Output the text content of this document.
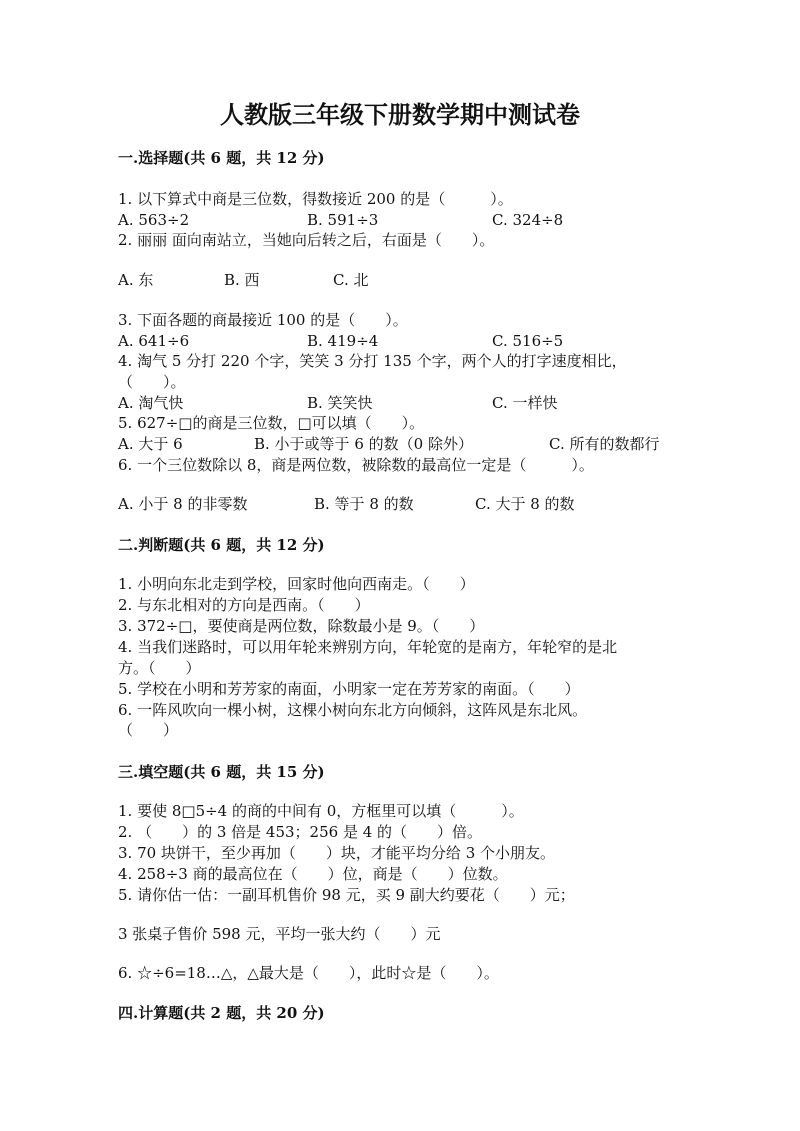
人教版三年级下册数学期中测试卷
一.选择题(共 6 题，共 12 分)
1. 以下算式中商是三位数，得数接近 200 的是（　　　）。
A. 563÷2	B. 591÷3	C. 324÷8
2. 丽丽 面向南站立，当她向后转之后，右面是（　　）。
A. 东	B. 西	C. 北
3. 下面各题的商最接近 100 的是（　　）。
A. 641÷6	B. 419÷4	C. 516÷5
4. 淘气 5 分打 220 个字，笑笑 3 分打 135 个字，两个人的打字速度相比，
（　　）。
A. 淘气快	B. 笑笑快	C. 一样快
5. 627÷□的商是三位数，□可以填（　　）。
A. 大于 6	B. 小于或等于 6 的数（0 除外）	C. 所有的数都行
6. 一个三位数除以 8，商是两位数，被除数的最高位一定是（　　　）。
A. 小于 8 的非零数	B. 等于 8 的数	C. 大于 8 的数
二.判断题(共 6 题，共 12 分)
1. 小明向东北走到学校，回家时他向西南走。（　　）
2. 与东北相对的方向是西南。（　　）
3. 372÷□，要使商是两位数，除数最小是 9。（　　）
4. 当我们迷路时，可以用年轮来辨别方向，年轮宽的是南方，年轮窄的是北
方。（　　）
5. 学校在小明和芳芳家的南面，小明家一定在芳芳家的南面。（　　）
6. 一阵风吹向一棵小树，这棵小树向东北方向倾斜，这阵风是东北风。
（　　）
三.填空题(共 6 题，共 15 分)
1. 要使 8□5÷4 的商的中间有 0，方框里可以填（　　　）。
2. （　　）的 3 倍是 453；256 是 4 的（　　）倍。
3. 70 块饼干，至少再加（　　）块，才能平均分给 3 个小朋友。
4. 258÷3 商的最高位在（　　）位，商是（　　）位数。
5. 请你估一估：一副耳机售价 98 元，买 9 副大约要花（　　）元；
3 张桌子售价 598 元，平均一张大约（　　）元
6. ☆÷6=18…△，△最大是（　　），此时☆是（　　）。
四.计算题(共 2 题，共 20 分)
